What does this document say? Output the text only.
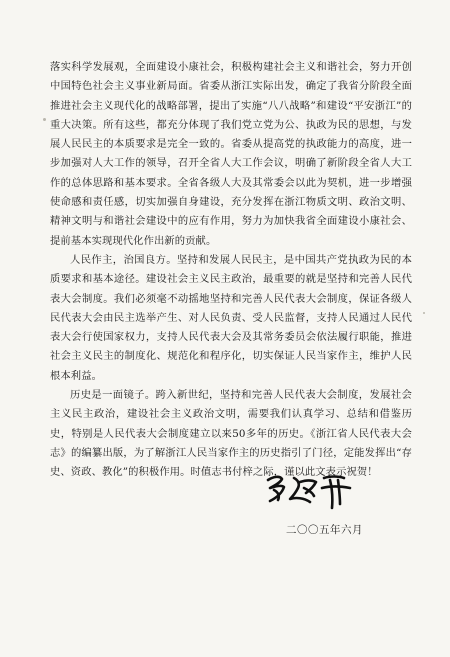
落实科学发展观，全面建设小康社会，积极构建社会主义和谐社会，努力开创中国特色社会主义事业新局面。省委从浙江实际出发，确定了我省分阶段全面推进社会主义现代化的战略部署，提出了实施“八八战略”和建设“平安浙江”的重大决策。所有这些，都充分体现了我们党立党为公、执政为民的思想，与发展人民民主的本质要求是完全一致的。省委从提高党的执政能力的高度，进一步加强对人大工作的领导，召开全省人大工作会议，明确了新阶段全省人大工作的总体思路和基本要求。全省各级人大及其常委会以此为契机，进一步增强使命感和责任感，切实加强自身建设，充分发挥在浙江物质文明、政治文明、精神文明与和谐社会建设中的应有作用，努力为加快我省全面建设小康社会、提前基本实现现代化作出新的贡献。

人民作主，治国良方。坚持和发展人民民主，是中国共产党执政为民的本质要求和基本途径。建设社会主义民主政治，最重要的就是坚持和完善人民代表大会制度。我们必须毫不动摇地坚持和完善人民代表大会制度，保证各级人民代表大会由民主选举产生、对人民负责、受人民监督，支持人民通过人民代表大会行使国家权力，支持人民代表大会及其常务委员会依法履行职能，推进社会主义民主的制度化、规范化和程序化，切实保证人民当家作主，维护人民根本利益。

历史是一面镜子。跨入新世纪，坚持和完善人民代表大会制度，发展社会主义民主政治，建设社会主义政治文明，需要我们认真学习、总结和借鉴历史，特别是人民代表大会制度建立以来50多年的历史。《浙江省人民代表大会志》的编纂出版，为了解浙江人民当家作主的历史指引了门径，定能发挥出“存史、资政、教化”的积极作用。时值志书付梓之际，谨以此文表示祝贺！

二〇〇五年六月
